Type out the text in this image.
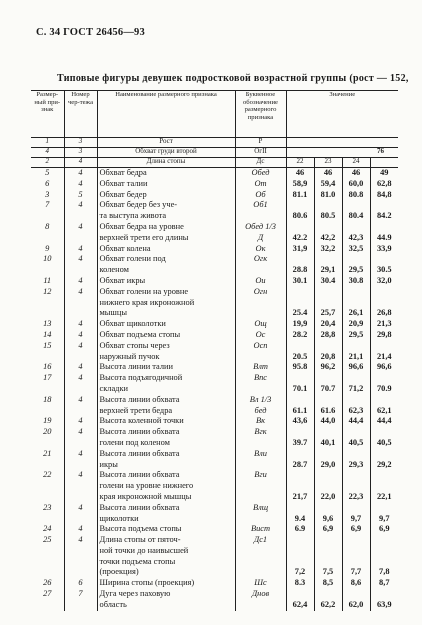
С. 34 ГОСТ 26456—93
Типовые фигуры девушек подростковой возрастной группы (рост — 152,
Размер-ный при-знак	Номер чер-тежа	Наименование размерного признака	Буквенное обозначение размерного признака	Значение			
1	3	Рост	Р				
4	3	Обхват груди второй	ОгII	76			
2	4	Длина стопы	Дс	22	23	24	
5	4	Обхват бедра	Обед	46	46	46	49
6	4	Обхват талии	От	58,9	59,4	60,0	62,8
3	5	Обхват бедер	Об	81.1	81.0	80.8	84,8
7	4	Обхват бедер без уче-	Об1				
		та выступа живота		80.6	80.5	80.4	84.2
8	4	Обхват бедра на уровне	Обед 1/3				
		верхней трети его длины	Д	42.2	42,2	42,3	44.9
9	4	Обхват колена	Ок	31,9	32,2	32,5	33,9
10	4	Обхват голени под	Огк				
		коленом		28.8	29,1	29,5	30.5
11	4	Обхват икры	Ои	30.1	30.4	30.8	32,0
12	4	Обхват голени на уровне	Огн				
		нижнего края икроножной					
		мышцы		25.4	25,7	26,1	26,8
13	4	Обхват щиколотки	Ощ	19,9	20,4	20,9	21,3
14	4	Обхват подъема стопы	Ос	28.2	28,8	29,5	29,8
15	4	Обхват стопы через	Осп				
		наружный пучок		20.5	20,8	21,1	21,4
16	4	Высота линии талии	Влт	95.8	96,2	96,6	96,6
17	4	Высота подъягодичной	Впс				
		складки		70.1	70.7	71,2	70.9
18	4	Высота линии обхвата	Вл 1/3				
		верхней трети бедра	бед	61.1	61.6	62,3	62,1
19	4	Высота коленной точки	Вк	43,6	44,0	44,4	44,4
20	4	Высота линии обхвата	Вгк				
		голени под коленом		39.7	40,1	40,5	40,5
21	4	Высота линии обхвата	Вли				
		икры		28.7	29,0	29,3	29,2
22	4	Высота линии обхвата	Вги				
		голени на уровне нижнего					
		края икроножной мышцы		21,7	22,0	22,3	22,1
23	4	Высота линии обхвата	Влщ				
		щиколотки		9.4	9,6	9,7	9,7
24	4	Высота подъема стопы	Вист	6.9	6,9	6,9	6,9
25	4	Длина стопы от пяточ-	Дс1				
		ной точки до наивысшей					
		точки подъема стопы					
		(проекция)		7,2	7,5	7,7	7,8
26	6	Ширина стопы (проекция)	Шс	8.3	8,5	8,6	8,7
27	7	Дуга через паховую	Днов				
		область		62,4	62,2	62,0	63,9
